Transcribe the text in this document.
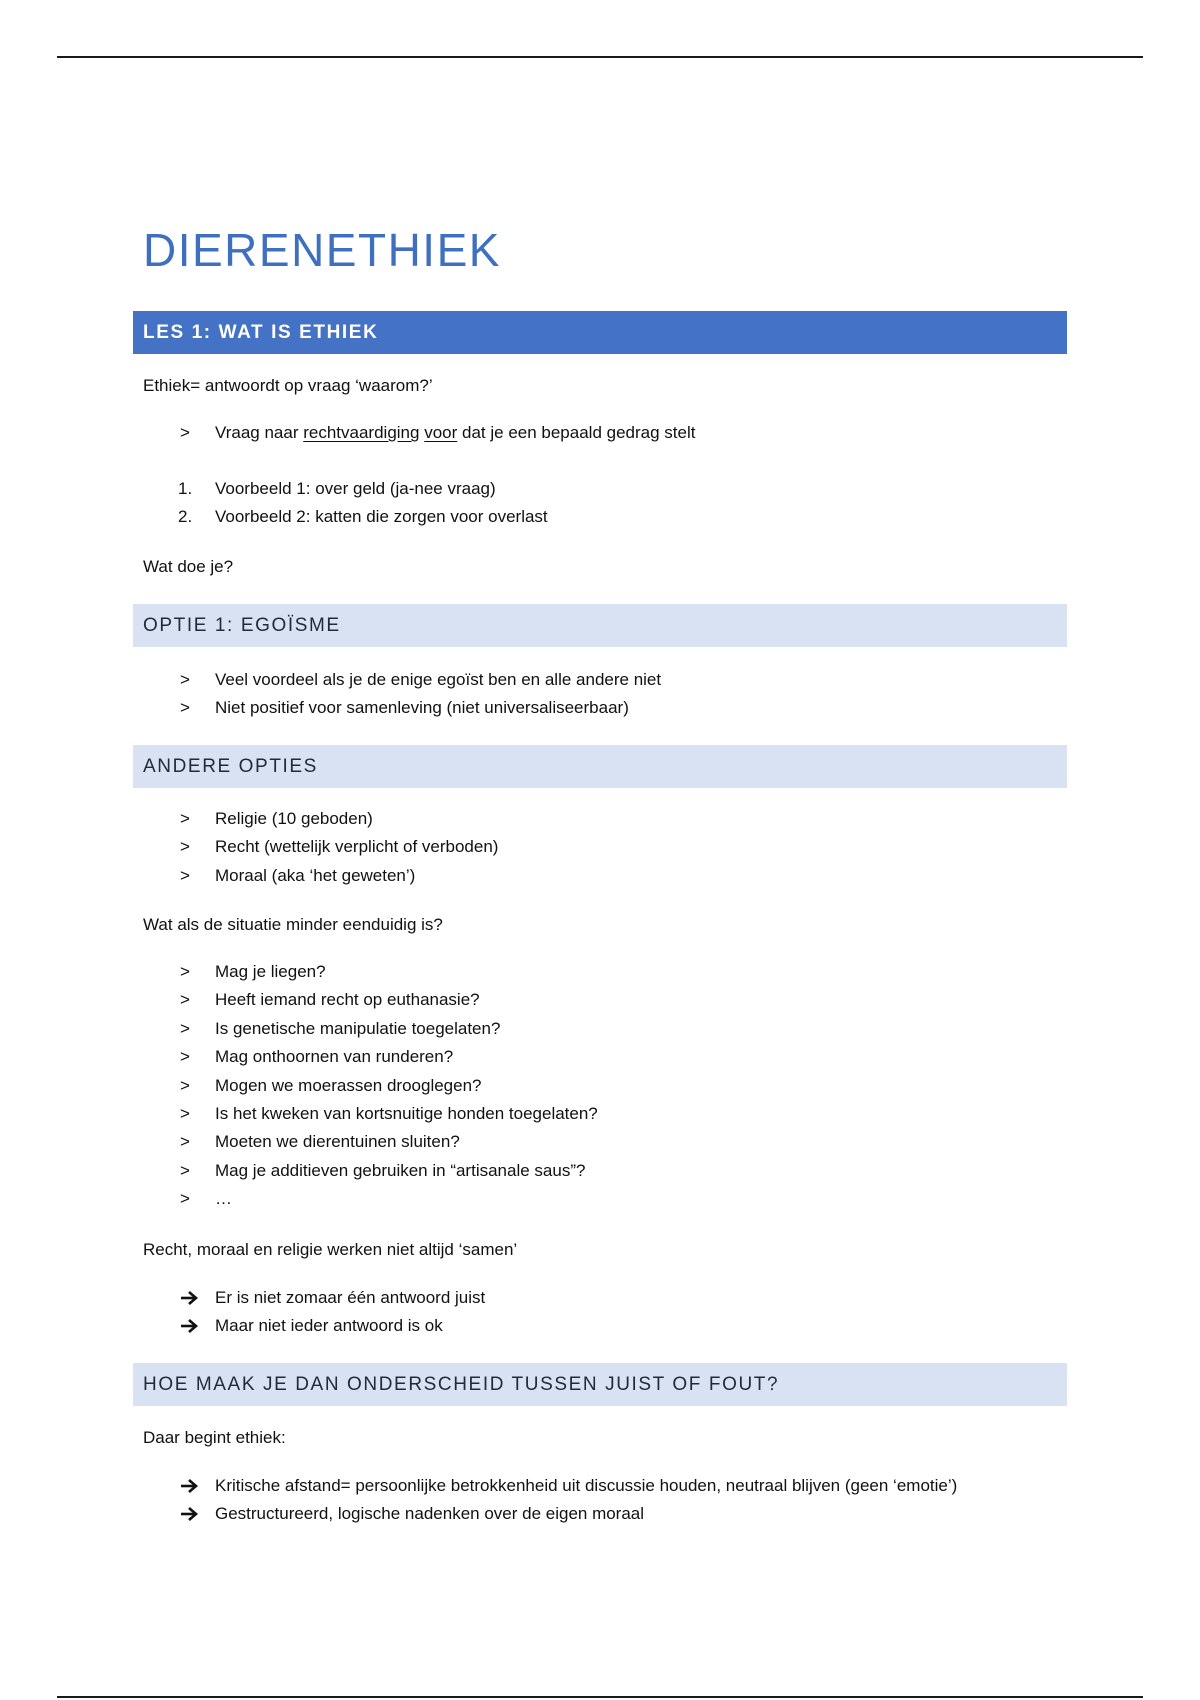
DIERENETHIEK
LES 1: WAT IS ETHIEK

Ethiek= antwoordt op vraag ‘waarom?’

>	Vraag naar rechtvaardiging voor dat je een bepaald gedrag stelt
1. Voorbeeld 1: over geld (ja-nee vraag)
2. Voorbeeld 2: katten die zorgen voor overlast

Wat doe je?

OPTIE 1: EGOÏSME
>	Veel voordeel als je de enige egoïst ben en alle andere niet
>	Niet positief voor samenleving (niet universaliseerbaar)
ANDERE OPTIES
>	Religie (10 geboden)
>	Recht (wettelijk verplicht of verboden)
>	Moraal (aka ‘het geweten’)

Wat als de situatie minder eenduidig is?

>	Mag je liegen?
>	Heeft iemand recht op euthanasie?
>	Is genetische manipulatie toegelaten?
>	Mag onthoornen van runderen?
>	Mogen we moerassen drooglegen?
>	Is het kweken van kortsnuitige honden toegelaten?
>	Moeten we dierentuinen sluiten?
>	Mag je additieven gebruiken in “artisanale saus”?
>	…

Recht, moraal en religie werken niet altijd ‘samen’

Er is niet zomaar één antwoord juist
Maar niet ieder antwoord is ok
HOE MAAK JE DAN ONDERSCHEID TUSSEN JUIST OF FOUT?

Daar begint ethiek:

Kritische afstand= persoonlijke betrokkenheid uit discussie houden, neutraal blijven (geen ‘emotie’)
Gestructureerd, logische nadenken over de eigen moraal
